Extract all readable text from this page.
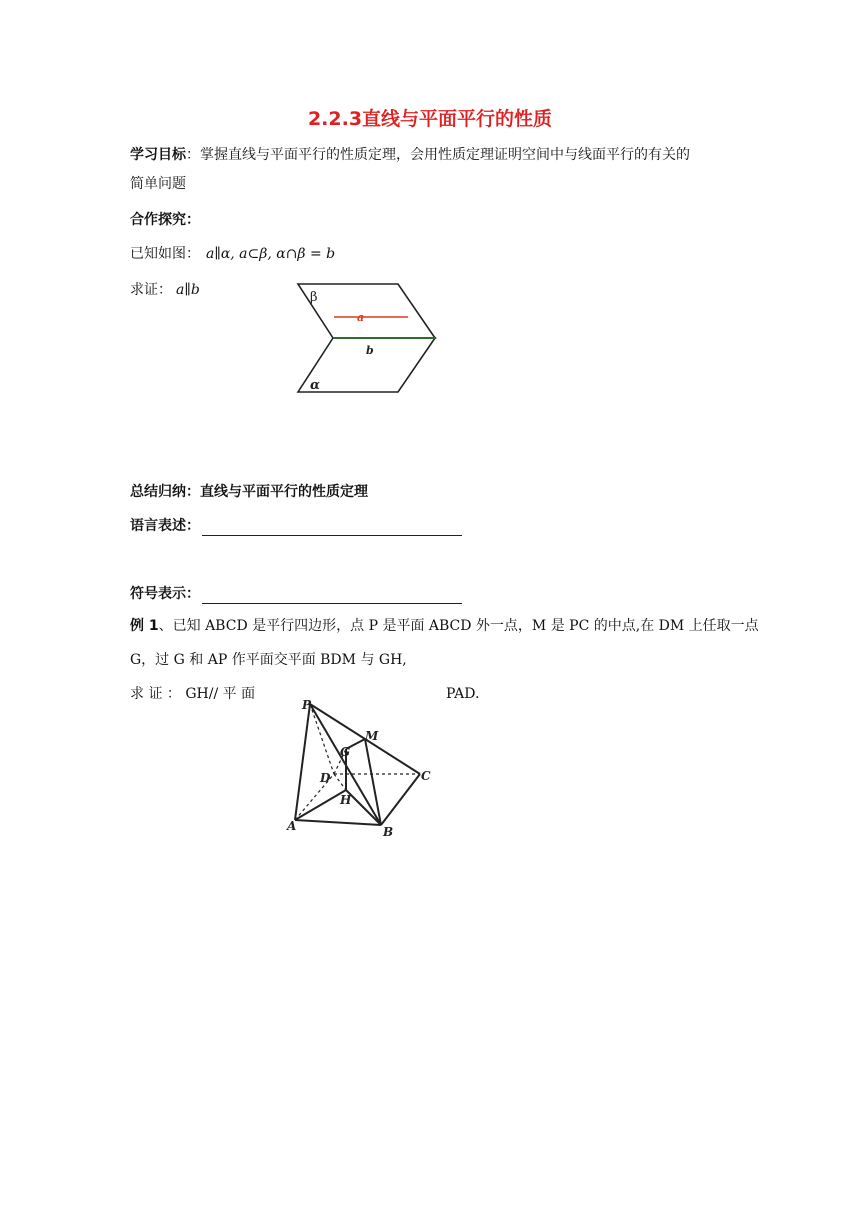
2.2.3直线与平面平行的性质
学习目标：掌握直线与平面平行的性质定理，会用性质定理证明空间中与线面平行的有关的
简单问题
合作探究：
已知如图： a∥α, a⊂β, α∩β = b
求证： a∥b	β
a
b
α
总结归纳：直线与平面平行的性质定理
语言表述：
符号表示：
例 1、已知 ABCD 是平行四边形，点 P 是平面 ABCD 外一点，M 是 PC 的中点,在 DM 上任取一点
G，过 G 和 AP 作平面交平面 BDM 与 GH,
求 证 ： GH// 平 面	PAD.
P
M
G
D	C
H
A	B
